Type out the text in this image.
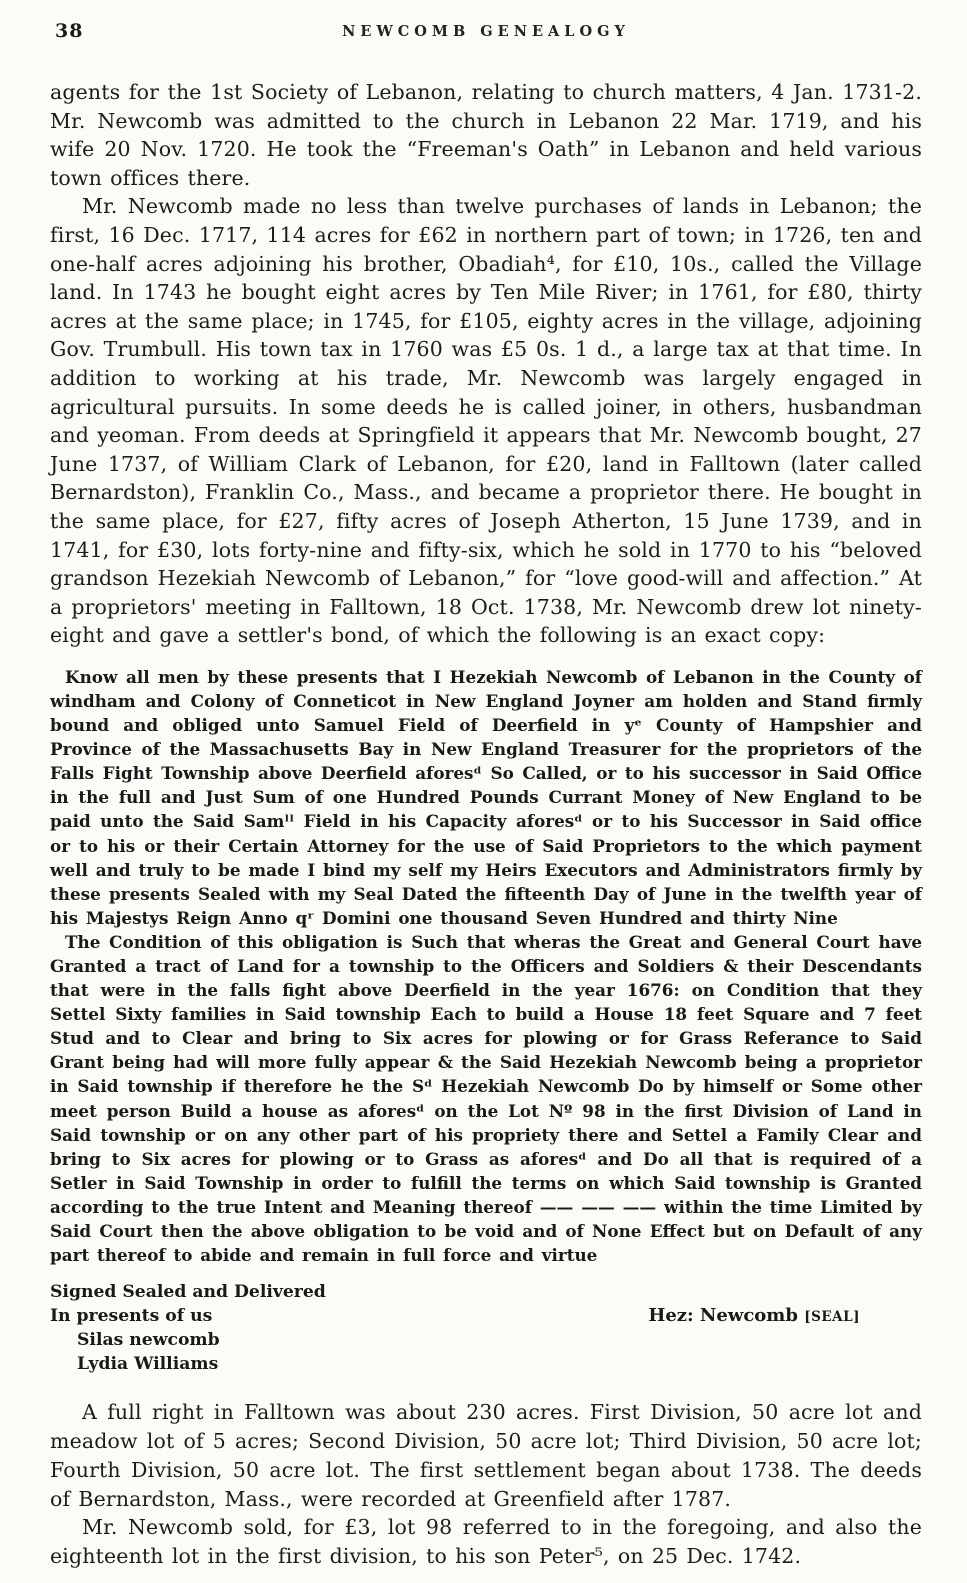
38	NEWCOMB GENEALOGY

agents for the 1st Society of Lebanon, relating to church matters, 4 Jan. 1731-2. Mr. Newcomb was admitted to the church in Lebanon 22 Mar. 1719, and his wife 20 Nov. 1720. He took the “Freeman's Oath” in Lebanon and held various town offices there.

Mr. Newcomb made no less than twelve purchases of lands in Lebanon; the first, 16 Dec. 1717, 114 acres for £62 in northern part of town; in 1726, ten and one-half acres adjoining his brother, Obadiah⁴, for £10, 10s., called the Village land. In 1743 he bought eight acres by Ten Mile River; in 1761, for £80, thirty acres at the same place; in 1745, for £105, eighty acres in the village, adjoining Gov. Trumbull. His town tax in 1760 was £5 0s. 1 d., a large tax at that time. In addition to working at his trade, Mr. Newcomb was largely engaged in agricultural pursuits. In some deeds he is called joiner, in others, husbandman and yeoman. From deeds at Springfield it appears that Mr. Newcomb bought, 27 June 1737, of William Clark of Lebanon, for £20, land in Falltown (later called Bernardston), Franklin Co., Mass., and became a proprietor there. He bought in the same place, for £27, fifty acres of Joseph Atherton, 15 June 1739, and in 1741, for £30, lots forty-nine and fifty-six, which he sold in 1770 to his “beloved grandson Hezekiah Newcomb of Lebanon,” for “love good-will and affection.” At a proprietors' meeting in Falltown, 18 Oct. 1738, Mr. Newcomb drew lot ninety-eight and gave a settler's bond, of which the following is an exact copy:

Know all men by these presents that I Hezekiah Newcomb of Lebanon in the County of windham and Colony of Conneticot in New England Joyner am holden and Stand firmly bound and obliged unto Samuel Field of Deerfield in yᵉ County of Hampshier and Province of the Massachusetts Bay in New England Treasurer for the proprietors of the Falls Fight Township above Deerfield aforesᵈ So Called, or to his successor in Said Office in the full and Just Sum of one Hundred Pounds Currant Money of New England to be paid unto the Said Samˡˡ Field in his Capacity aforesᵈ or to his Successor in Said office or to his or their Certain Attorney for the use of Said Proprietors to the which payment well and truly to be made I bind my self my Heirs Executors and Administrators firmly by these presents Sealed with my Seal Dated the fifteenth Day of June in the twelfth year of his Majestys Reign Anno qʳ Domini one thousand Seven Hundred and thirty Nine

The Condition of this obligation is Such that wheras the Great and General Court have Granted a tract of Land for a township to the Officers and Soldiers & their Descendants that were in the falls fight above Deerfield in the year 1676: on Condition that they Settel Sixty families in Said township Each to build a House 18 feet Square and 7 feet Stud and to Clear and bring to Six acres for plowing or for Grass Referance to Said Grant being had will more fully appear & the Said Hezekiah Newcomb being a proprietor in Said township if therefore he the Sᵈ Hezekiah Newcomb Do by himself or Some other meet person Build a house as aforesᵈ on the Lot Nº 98 in the first Division of Land in Said township or on any other part of his propriety there and Settel a Family Clear and bring to Six acres for plowing or to Grass as aforesᵈ and Do all that is required of a Setler in Said Township in order to fulfill the terms on which Said township is Granted according to the true Intent and Meaning thereof —— —— —— within the time Limited by Said Court then the above obligation to be void and of None Effect but on Default of any part thereof to abide and remain in full force and virtue

Signed Sealed and Delivered
In presents of us	Hez: Newcomb [SEAL]
Silas newcomb
Lydia Williams

A full right in Falltown was about 230 acres. First Division, 50 acre lot and meadow lot of 5 acres; Second Division, 50 acre lot; Third Division, 50 acre lot; Fourth Division, 50 acre lot. The first settlement began about 1738. The deeds of Bernardston, Mass., were recorded at Greenfield after 1787.

Mr. Newcomb sold, for £3, lot 98 referred to in the foregoing, and also the eighteenth lot in the first division, to his son Peter⁵, on 25 Dec. 1742.
